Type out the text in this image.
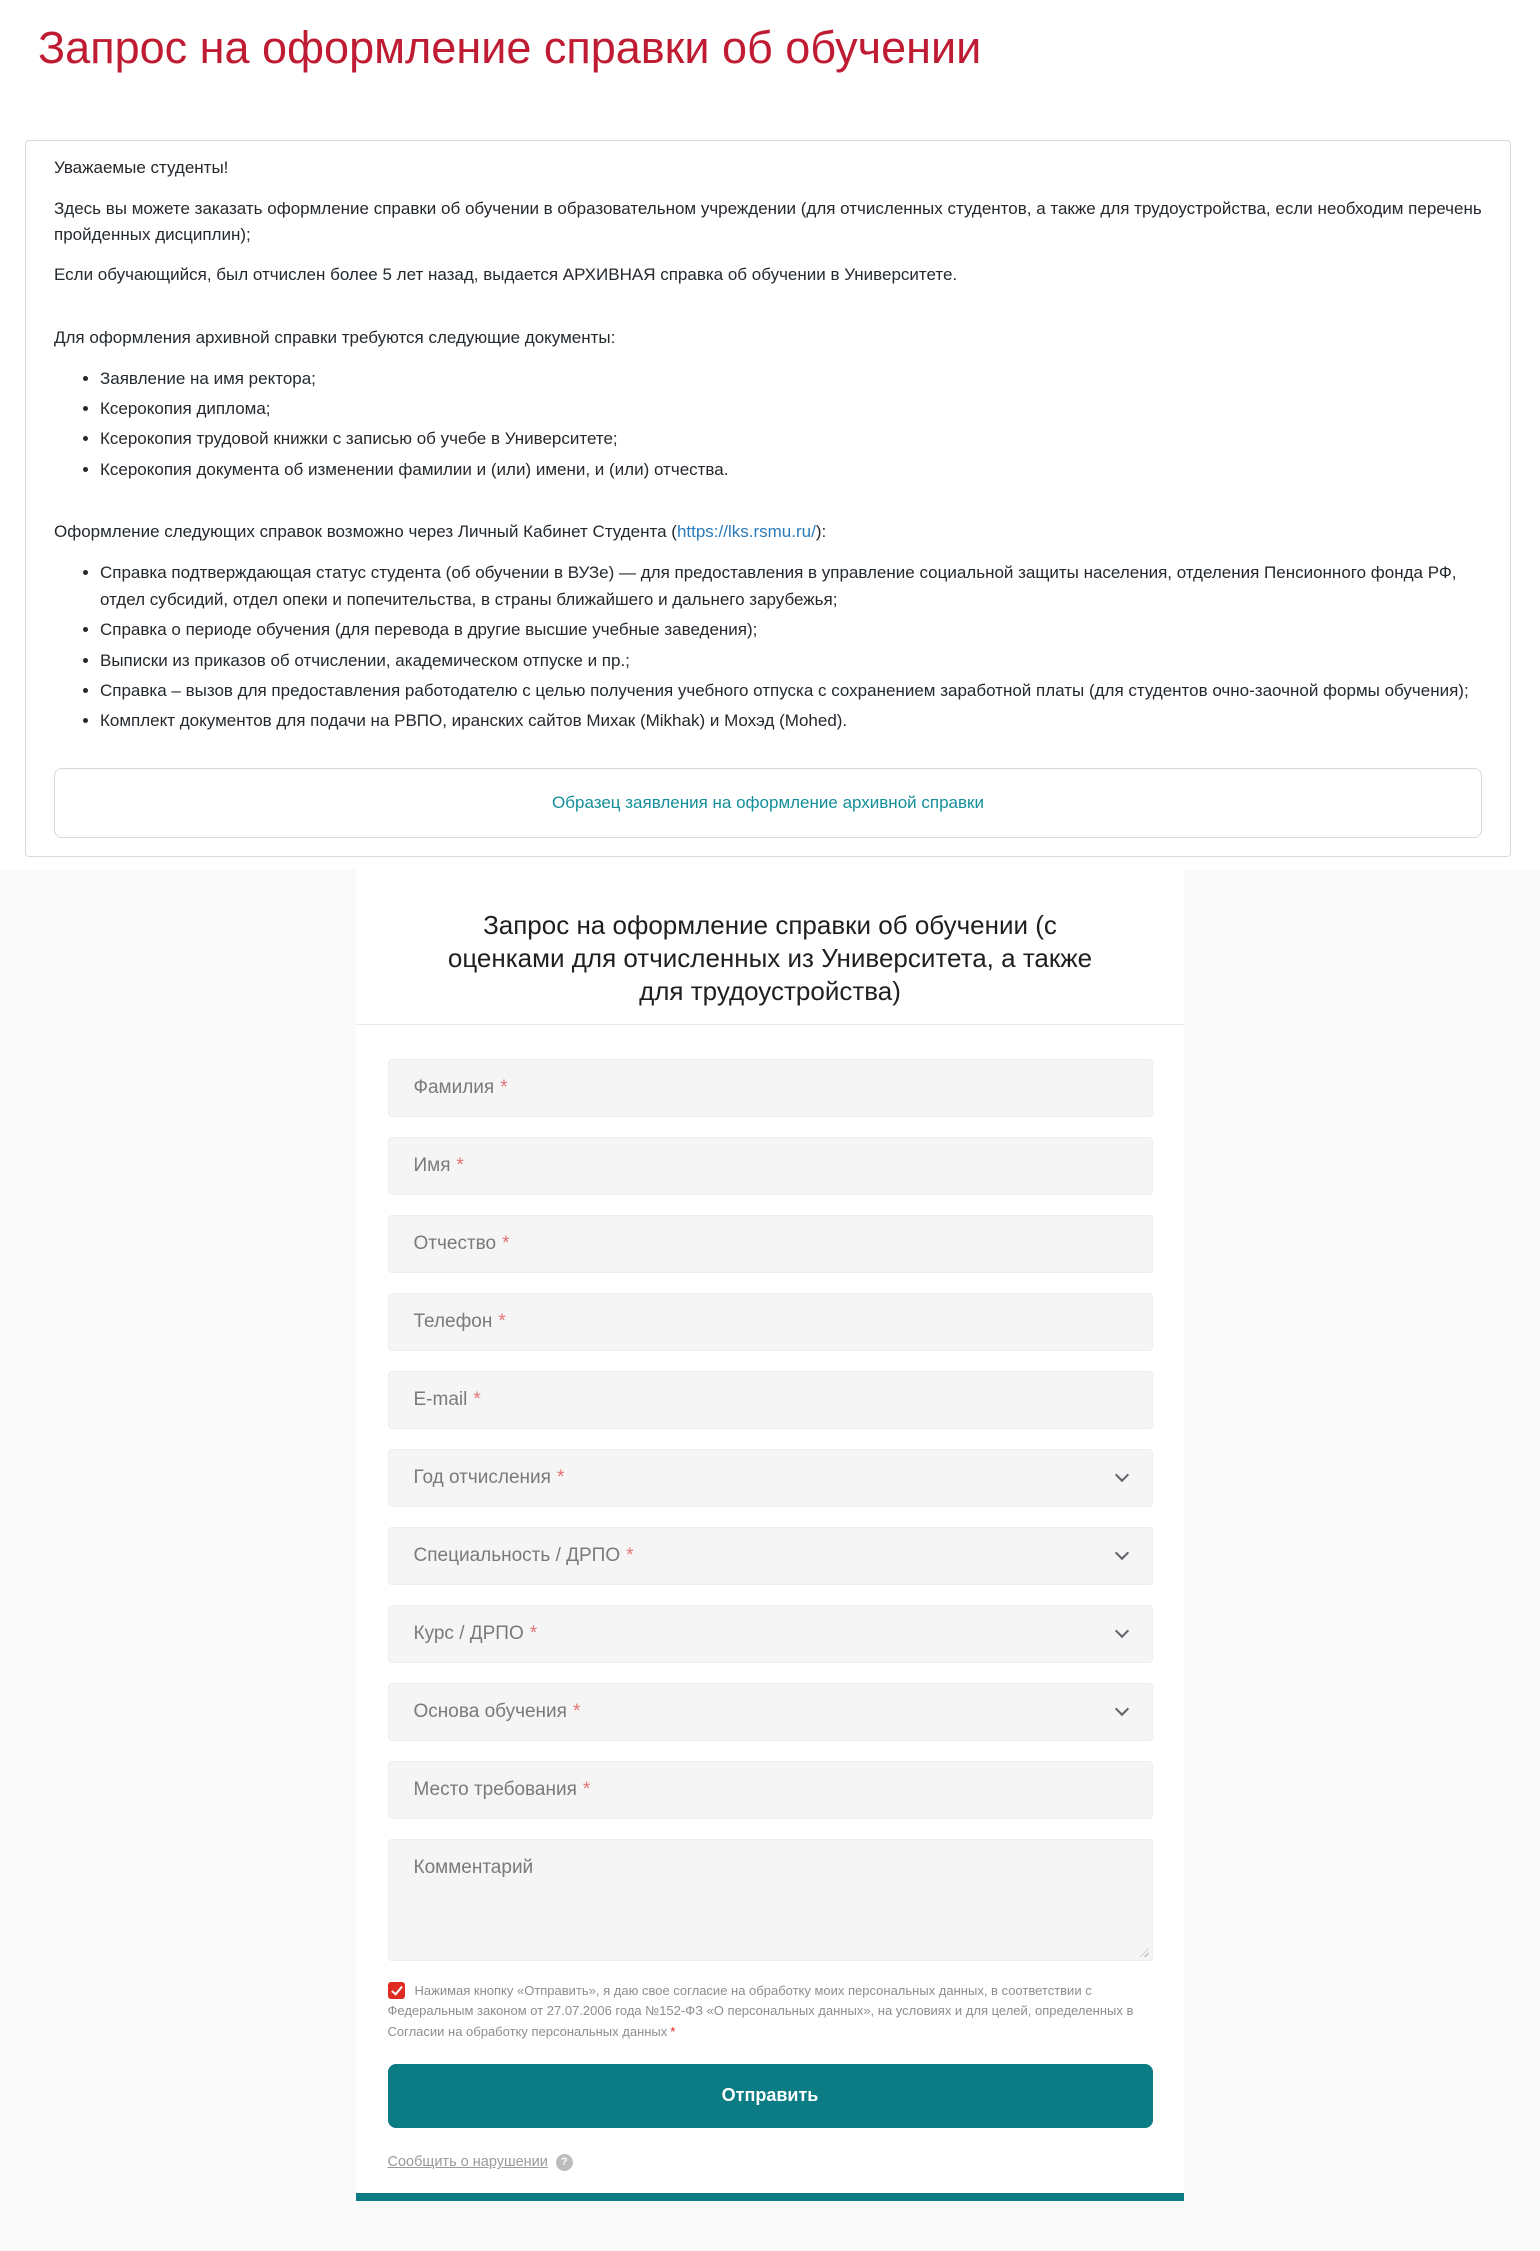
Запрос на оформление справки об обучении

Уважаемые студенты!

Здесь вы можете заказать оформление справки об обучении в образовательном учреждении (для отчисленных студентов, а также для трудоустройства, если необходим перечень пройденных дисциплин);

Если обучающийся, был отчислен более 5 лет назад, выдается АРХИВНАЯ справка об обучении в Университете.

Для оформления архивной справки требуются следующие документы:

• Заявление на имя ректора;
• Ксерокопия диплома;
• Ксерокопия трудовой книжки с записью об учебе в Университете;
• Ксерокопия документа об изменении фамилии и (или) имени, и (или) отчества.

Оформление следующих справок возможно через Личный Кабинет Студента (https://lks.rsmu.ru/):

• Справка подтверждающая статус студента (об обучении в ВУЗе) — для предоставления в управление социальной защиты населения, отделения Пенсионного фонда РФ, отдел субсидий, отдел опеки и попечительства, в страны ближайшего и дальнего зарубежья;
• Справка о периоде обучения (для перевода в другие высшие учебные заведения);
• Выписки из приказов об отчислении, академическом отпуске и пр.;
• Справка – вызов для предоставления работодателю с целью получения учебного отпуска с сохранением заработной платы (для студентов очно-заочной формы обучения);
• Комплект документов для подачи на РВПО, иранских сайтов Михак (Mikhak) и Мохэд (Mohed).
Образец заявления на оформление архивной справки
Запрос на оформление справки об обучении (с оценками для отчисленных из Университета, а также для трудоустройства)
Фамилия *
Имя *
Отчество *
Телефон *
E-mail *
Год отчисления *
Специальность / ДРПО *
Курс / ДРПО *
Основа обучения *
Место требования *
Комментарий

Нажимая кнопку «Отправить», я даю свое согласие на обработку моих персональных данных, в соответствии с Федеральным законом от 27.07.2006 года №152-ФЗ «О персональных данных», на условиях и для целей, определенных в Согласии на обработку персональных данных *

Отправить
Сообщить о нарушении	?
